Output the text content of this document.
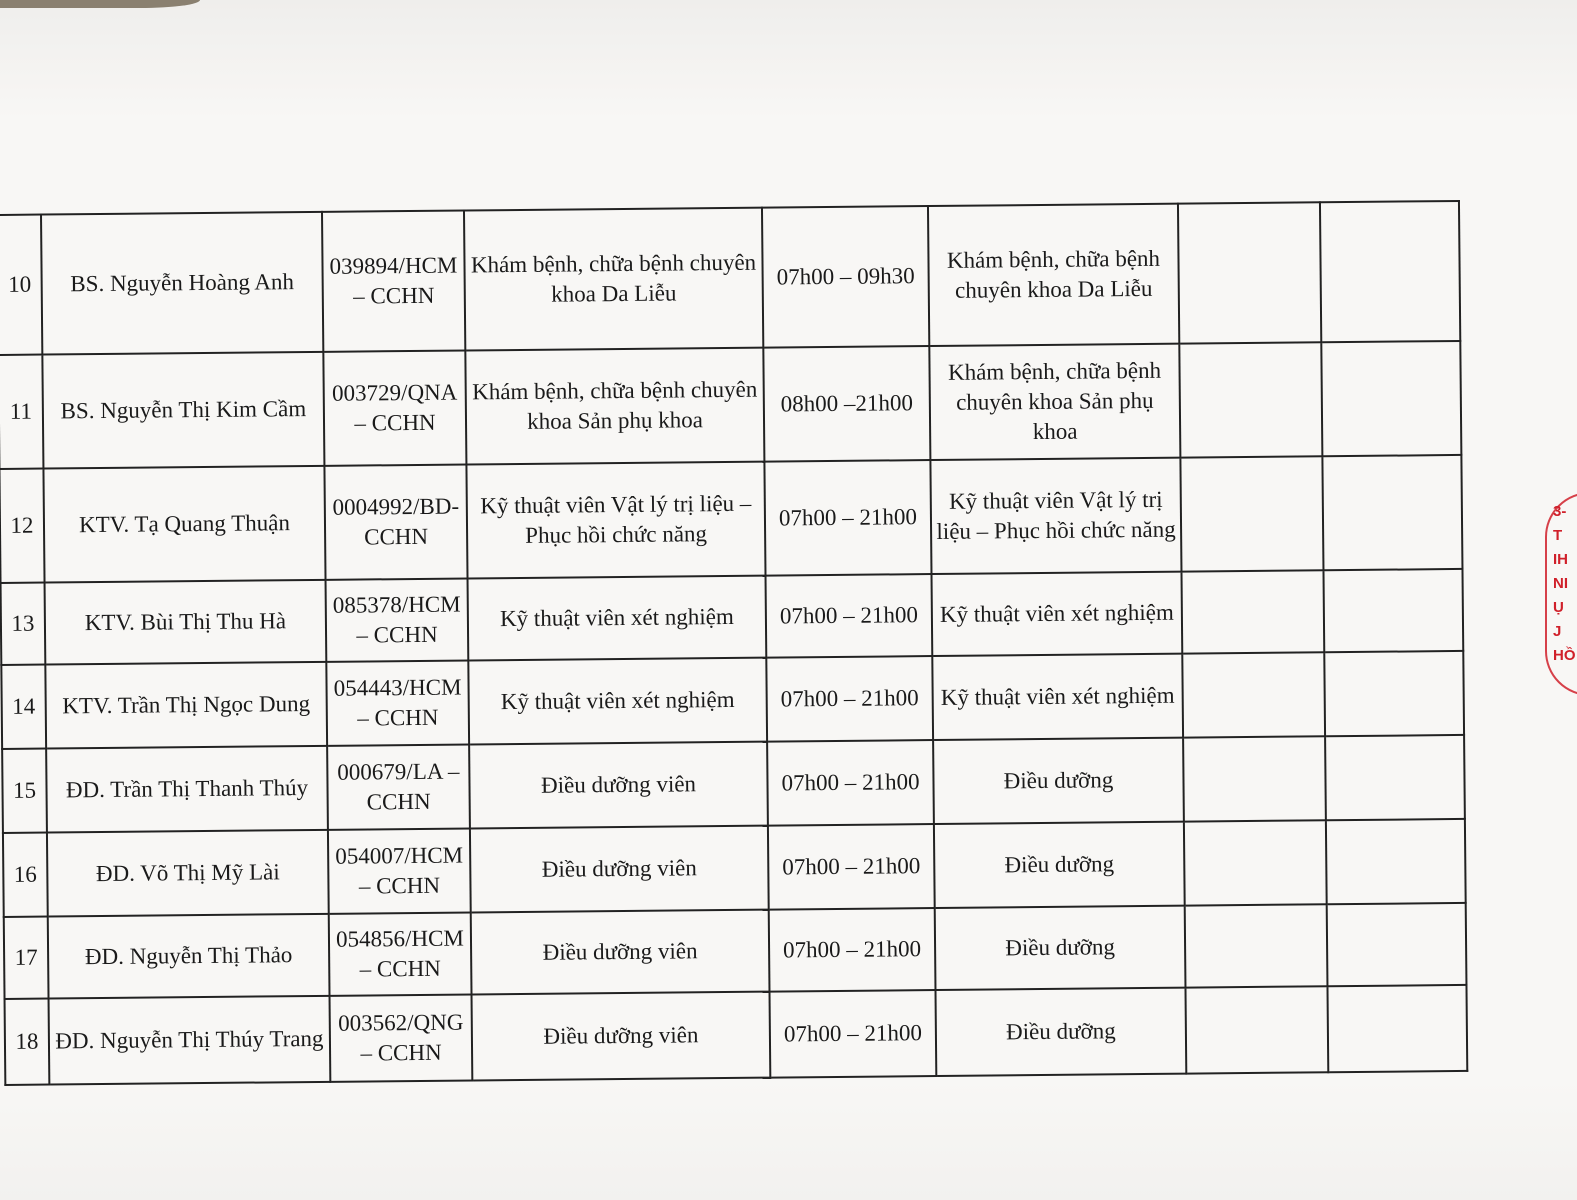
10	BS. Nguyễn Hoàng Anh	039894/HCM – CCHN	Khám bệnh, chữa bệnh chuyên khoa Da Liễu	07h00 – 09h30	Khám bệnh, chữa bệnh chuyên khoa Da Liễu		
11	BS. Nguyễn Thị Kim Cầm	003729/QNA – CCHN	Khám bệnh, chữa bệnh chuyên khoa Sản phụ khoa	08h00 –21h00	Khám bệnh, chữa bệnh chuyên khoa Sản phụ khoa		
12	KTV. Tạ Quang Thuận	0004992/BD-CCHN	Kỹ thuật viên Vật lý trị liệu – Phục hồi chức năng	07h00 – 21h00	Kỹ thuật viên Vật lý trị liệu – Phục hồi chức năng		
13	KTV. Bùi Thị Thu Hà	085378/HCM – CCHN	Kỹ thuật viên xét nghiệm	07h00 – 21h00	Kỹ thuật viên xét nghiệm		
14	KTV. Trần Thị Ngọc Dung	054443/HCM – CCHN	Kỹ thuật viên xét nghiệm	07h00 – 21h00	Kỹ thuật viên xét nghiệm		
15	ĐD. Trần Thị Thanh Thúy	000679/LA – CCHN	Điều dưỡng viên	07h00 – 21h00	Điều dưỡng		
16	ĐD. Võ Thị Mỹ Lài	054007/HCM – CCHN	Điều dưỡng viên	07h00 – 21h00	Điều dưỡng		
17	ĐD. Nguyễn Thị Thảo	054856/HCM – CCHN	Điều dưỡng viên	07h00 – 21h00	Điều dưỡng		
18	ĐD. Nguyễn Thị Thúy Trang	003562/QNG – CCHN	Điều dưỡng viên	07h00 – 21h00	Điều dưỡng		
3-
T
IH
NI
Ụ
J
HỒ
